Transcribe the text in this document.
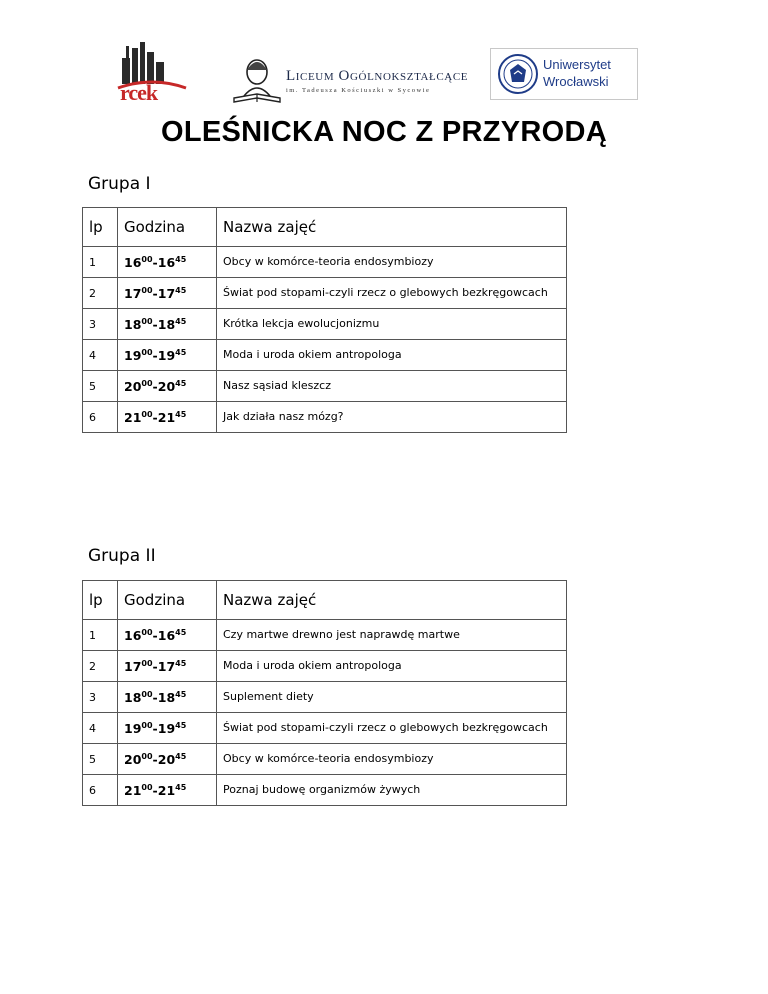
rcek
Liceum Ogólnokształcące
im. Tadeusza Kościuszki w Sycowie
Uniwersytet
Wrocławski
OLEŚNICKA NOC Z PRZYRODĄ
Grupa I
lp	Godzina	Nazwa zajęć
1	$16^{00}-16^{45}$	Obcy w komórce-teoria endosymbiozy
2	$17^{00}-17^{45}$	Świat pod stopami-czyli rzecz o glebowych bezkręgowcach
3	$18^{00}-18^{45}$	Krótka lekcja ewolucjonizmu
4	$19^{00}-19^{45}$	Moda i uroda okiem antropologa
5	$20^{00}-20^{45}$	Nasz sąsiad kleszcz
6	$21^{00}-21^{45}$	Jak działa nasz mózg?
Grupa II
lp	Godzina	Nazwa zajęć
1	$16^{00}-16^{45}$	Czy martwe drewno jest naprawdę martwe
2	$17^{00}-17^{45}$	Moda i uroda okiem antropologa
3	$18^{00}-18^{45}$	Suplement diety
4	$19^{00}-19^{45}$	Świat pod stopami-czyli rzecz o glebowych bezkręgowcach
5	$20^{00}-20^{45}$	Obcy w komórce-teoria endosymbiozy
6	$21^{00}-21^{45}$	Poznaj budowę organizmów żywych
